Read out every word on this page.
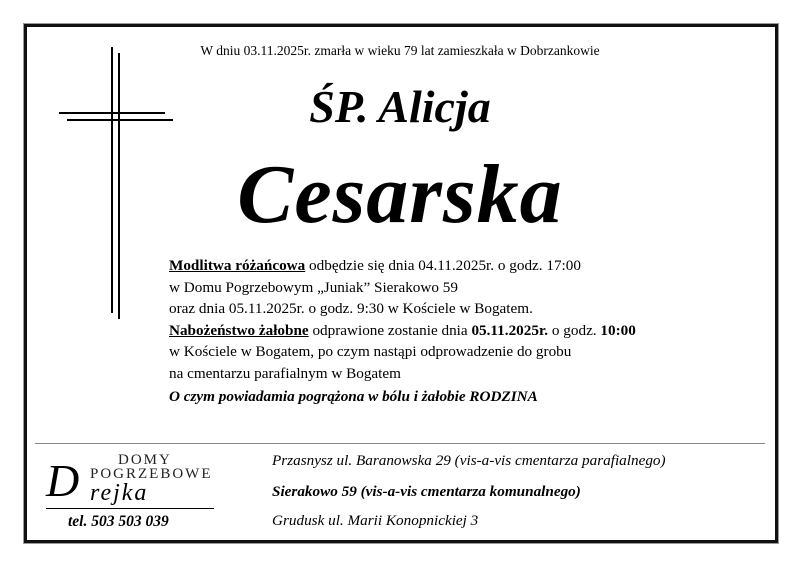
W dniu 03.11.2025r. zmarła w wieku 79 lat zamieszkała w Dobrzankowie
ŚP. Alicja
Cesarska
Modlitwa różańcowa odbędzie się dnia 04.11.2025r. o godz. 17:00
w Domu Pogrzebowym „Juniak” Sierakowo 59
oraz dnia 05.11.2025r. o godz. 9:30 w Kościele w Bogatem.
Nabożeństwo żałobne odprawione zostanie dnia 05.11.2025r. o godz. 10:00
w Kościele w Bogatem, po czym nastąpi odprowadzenie do grobu
na cmentarzu parafialnym w Bogatem
O czym powiadamia pogrążona w bólu i żałobie RODZINA
DOMY
POGRZEBOWE
D rejka
tel. 503 503 039
Przasnysz ul. Baranowska 29 (vis-a-vis cmentarza parafialnego)
Sierakowo 59 (vis-a-vis cmentarza komunalnego)
Grudusk ul. Marii Konopnickiej 3
